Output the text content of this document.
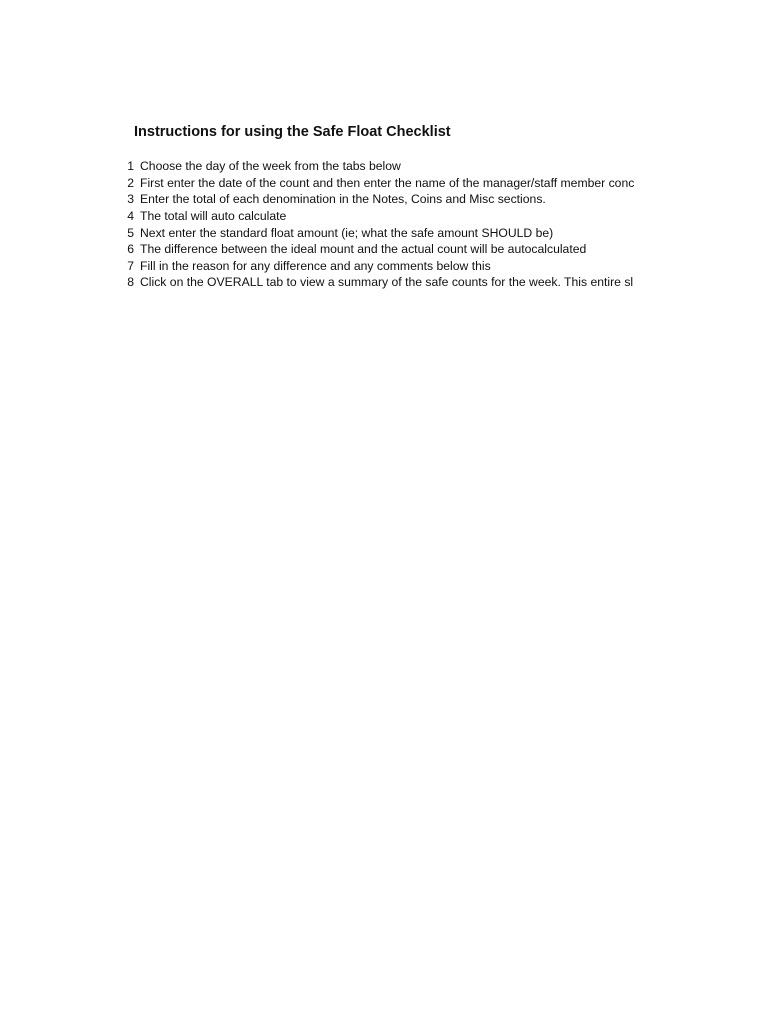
Instructions for using the Safe Float Checklist
1 Choose the day of the week from the tabs below
2 First enter the date of the count and then enter the name of the manager/staff member conc
3 Enter the total of each denomination in the Notes, Coins and Misc sections.
4 The total will auto calculate
5 Next enter the standard float amount (ie; what the safe amount SHOULD be)
6 The difference between the ideal mount and the actual count will be autocalculated
7 Fill in the reason for any difference and any comments below this
8 Click on the OVERALL tab to view a summary of the safe counts for the week. This entire sl
